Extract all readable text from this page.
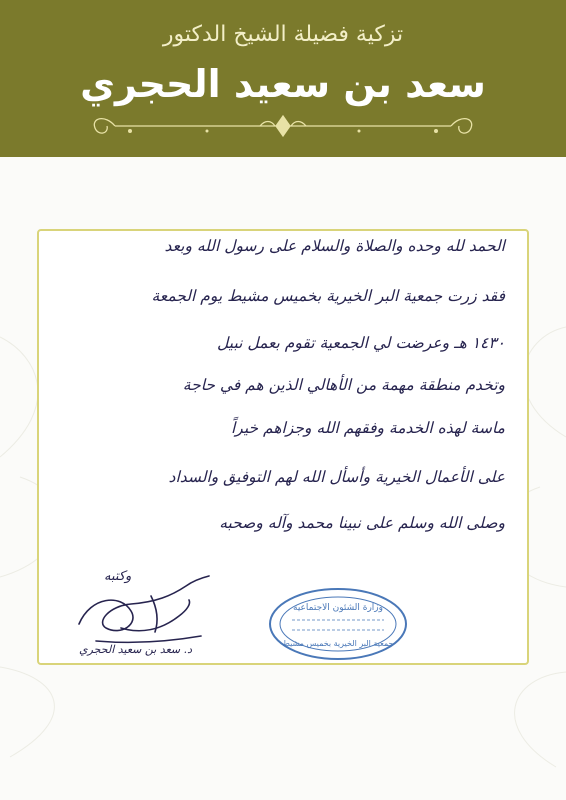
تزكية فضيلة الشيخ الدكتور
سعد بن سعيد الحجري
الحمد لله وحده والصلاة والسلام على رسول الله وبعد
فقد زرت جمعية البر الخيرية بخميس مشيط يوم الجمعة
١٤٣٠ هـ وعرضت لي الجمعية تقوم بعمل نبيل
وتخدم منطقة مهمة من الأهالي الذين هم في حاجة
ماسة لهذه الخدمة وفقهم الله وجزاهم خيراً
على الأعمال الخيرية وأسأل الله لهم التوفيق والسداد
وصلى الله وسلم على نبينا محمد وآله وصحبه
وكتبه
د. سعد بن سعيد الحجري
وزارة الشئون الاجتماعية
جمعية البر الخيرية بخميس مشيط
